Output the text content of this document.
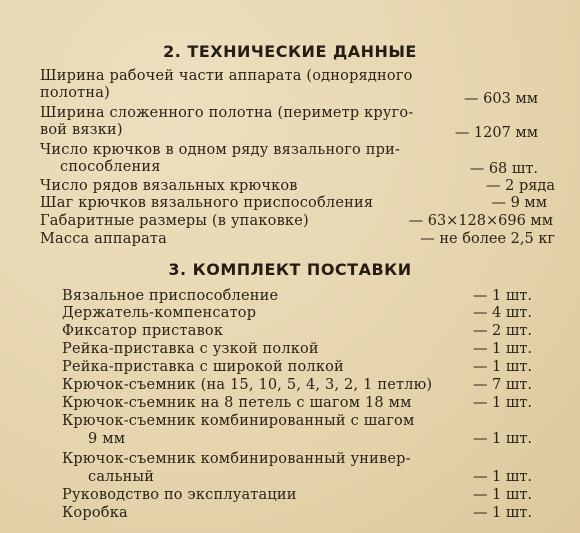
2. ТЕХНИЧЕСКИЕ ДАННЫЕ
Ширина рабочей части аппарата (однорядного
полотна)	— 603 мм
Ширина сложенного полотна (периметр круго-
вой вязки)	— 1207 мм
Число крючков в одном ряду вязального при-
способления	— 68 шт.
Число рядов вязальных крючков	— 2 ряда
Шаг крючков вязального приспособления	— 9 мм
Габаритные размеры (в упаковке)	— 63×128×696 мм
Масса аппарата	— не более 2,5 кг
3. КОМПЛЕКТ ПОСТАВКИ
Вязальное приспособление	— 1 шт.
Держатель-компенсатор	— 4 шт.
Фиксатор приставок	— 2 шт.
Рейка-приставка с узкой полкой	— 1 шт.
Рейка-приставка с широкой полкой	— 1 шт.
Крючок-съемник (на 15, 10, 5, 4, 3, 2, 1 петлю)	— 7 шт.
Крючок-съемник на 8 петель с шагом 18 мм	— 1 шт.
Крючок-съемник комбинированный с шагом
9 мм	— 1 шт.
Крючок-съемник комбинированный универ-
сальный	— 1 шт.
Руководство по эксплуатации	— 1 шт.
Коробка	— 1 шт.
